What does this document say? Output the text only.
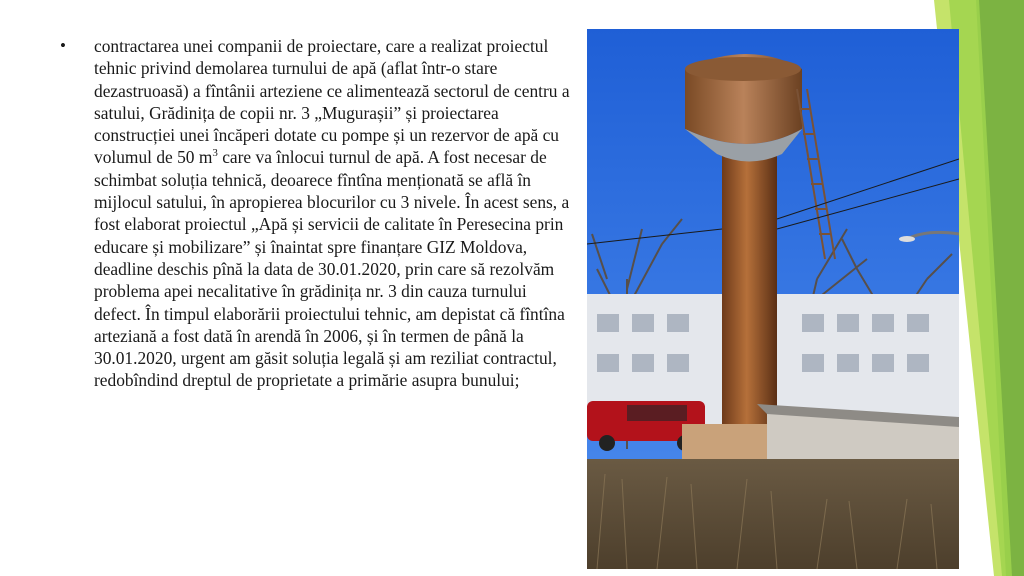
•	contractarea unei companii de proiectare, care a realizat proiectul tehnic privind demolarea turnului de apă (aflat într-o stare dezastruoasă) a fîntânii arteziene ce alimentează sectorul de centru a satului, Grădinița de copii nr. 3 „Mugurașii” și proiectarea construcției unei încăperi dotate cu pompe și un rezervor de apă cu volumul de 50 $m^3$ care va înlocui turnul de apă. A fost necesar de schimbat soluția tehnică, deoarece fîntîna menționată se află în mijlocul satului, în apropierea blocurilor cu 3 nivele. În acest sens, a fost elaborat proiectul „Apă și servicii de calitate în Peresecina prin educare și mobilizare” și înaintat spre finanțare GIZ Moldova, deadline deschis pînă la data de 30.01.2020, prin care să rezolvăm problema apei necalitative în grădinița nr. 3 din cauza turnului defect. În timpul elaborării proiectului tehnic, am depistat că fîntîna arteziană a fost dată în arendă în 2006, și în termen de până la 30.01.2020, urgent am găsit soluția legală și am reziliat contractul, redobîndind dreptul de proprietate a primărie asupra bunului;
